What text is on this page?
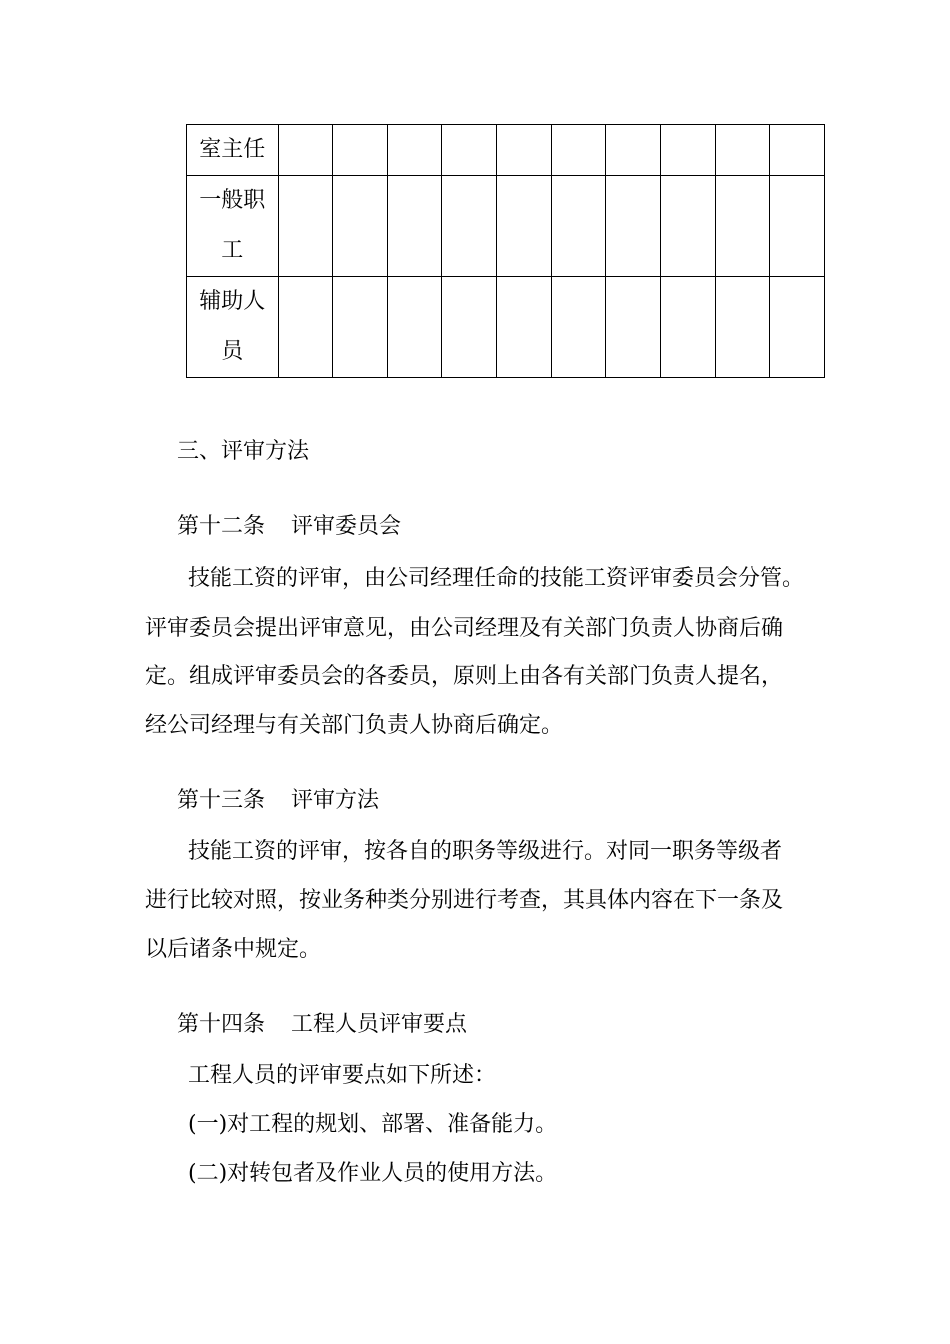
室主任										

一般职
工										

辅助人
员										

三、评审方法

第十二条 评审委员会

技能工资的评审，由公司经理任命的技能工资评审委员会分管。

评审委员会提出评审意见，由公司经理及有关部门负责人协商后确

定。组成评审委员会的各委员，原则上由各有关部门负责人提名，

经公司经理与有关部门负责人协商后确定。

第十三条 评审方法

技能工资的评审，按各自的职务等级进行。对同一职务等级者

进行比较对照，按业务种类分别进行考查，其具体内容在下一条及

以后诸条中规定。

第十四条 工程人员评审要点

工程人员的评审要点如下所述：

(一)对工程的规划、部署、准备能力。

(二)对转包者及作业人员的使用方法。
